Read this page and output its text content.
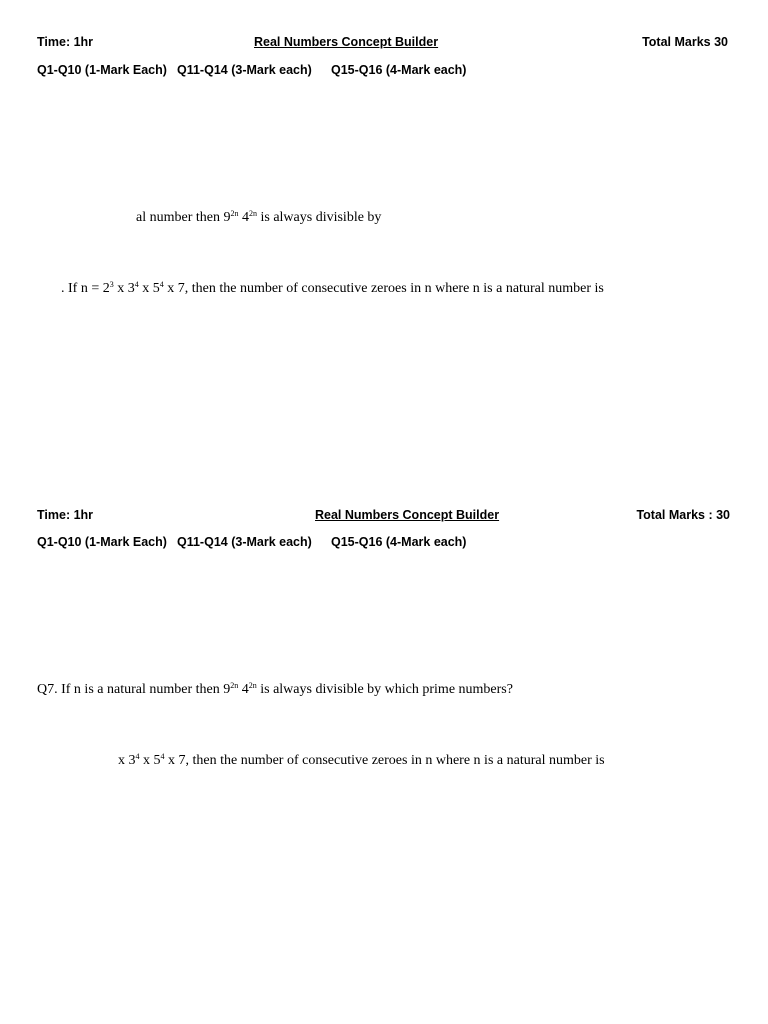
Time: 1hr	Real Numbers Concept Builder	Total Marks 30
Q1-Q10 (1-Mark Each) Q11-Q14 (3-Mark each) Q15-Q16 (4-Mark each)
al number then $9^{2n}$ $4^{2n}$ is always divisible by
. If $n = 2^3$ x $3^4$ x $5^4$ x 7, then the number of consecutive zeroes in n where n is a natural number is
Time: 1hr	Real Numbers Concept Builder	Total Marks : 30
Q1-Q10 (1-Mark Each) Q11-Q14 (3-Mark each) Q15-Q16 (4-Mark each)
Q7. If n is a natural number then $9^{2n}$ $4^{2n}$ is always divisible by which prime numbers?
x $3^4$ x $5^4$ x 7, then the number of consecutive zeroes in n where n is a natural number is
